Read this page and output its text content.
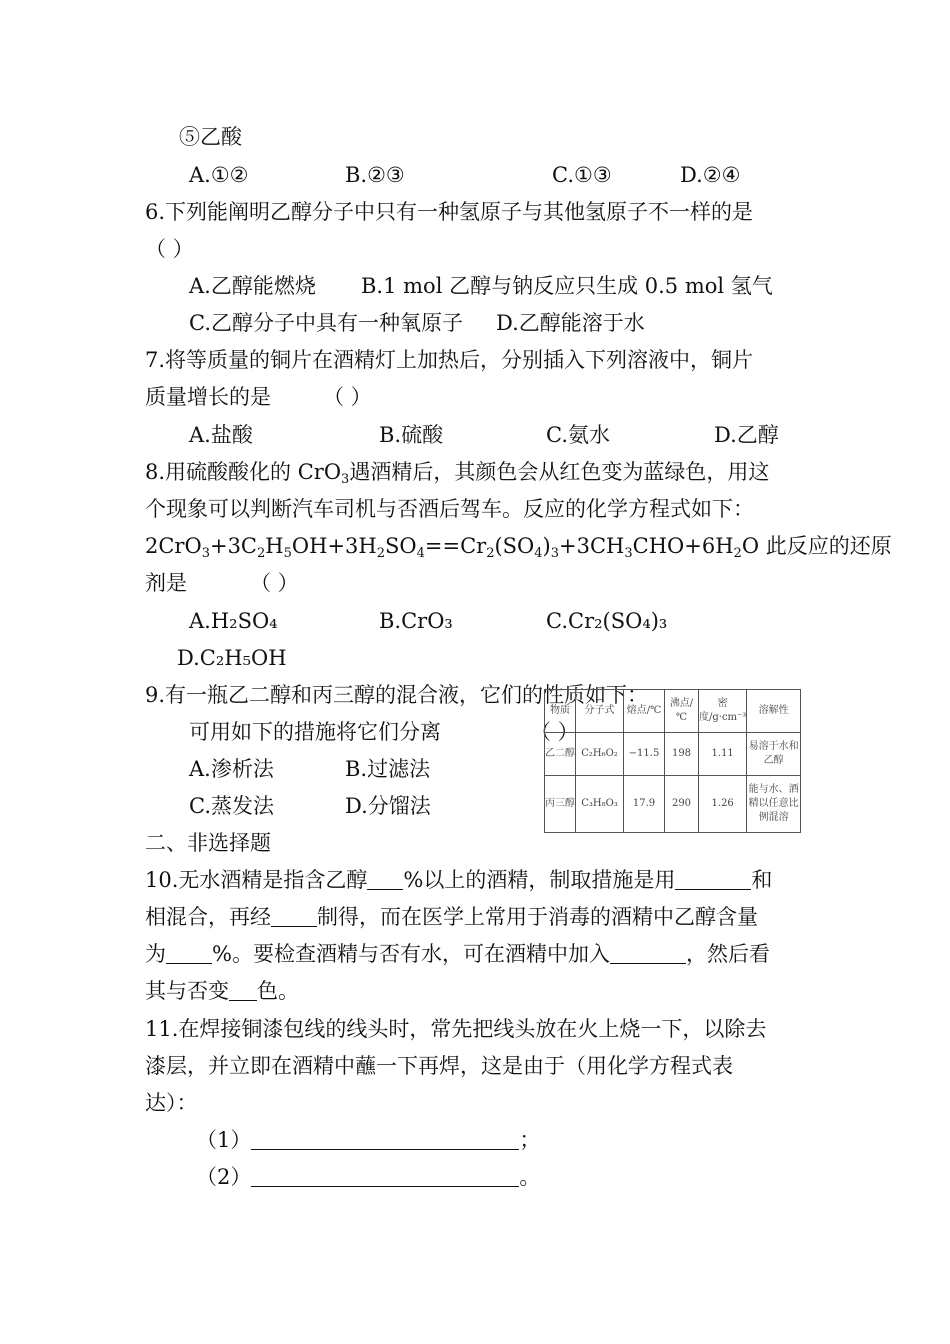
⑤乙酸
A.①②	B.②③	C.①③	D.②④
6.下列能阐明乙醇分子中只有一种氢原子与其他氢原子不一样的是
（ ）
A.乙醇能燃烧 B.1 mol 乙醇与钠反应只生成 0.5 mol 氢气
C.乙醇分子中具有一种氧原子 D.乙醇能溶于水
7.将等质量的铜片在酒精灯上加热后，分别插入下列溶液中，铜片
质量增长的是 （ ）
A.盐酸	B.硫酸	C.氨水	D.乙醇
8.用硫酸酸化的 CrO$_3$遇酒精后，其颜色会从红色变为蓝绿色，用这
个现象可以判断汽车司机与否酒后驾车。反应的化学方程式如下：
$2CrO_3+3C_2H_5OH+3H_2SO_4==Cr_2(SO_4)_3+3CH_3CHO+6H_2O$ 此反应的还原
剂是	（ ）
A.H₂SO₄	B.CrO₃	C.Cr₂(SO₄)₃
D.C₂H₅OH
9.有一瓶乙二醇和丙三醇的混合液，它们的性质如下：
可用如下的措施将它们分离	（ ）
A.渗析法	B.过滤法
C.蒸发法	D.分馏法
物质	分子式	熔点/℃	沸点/℃	密度/g·cm⁻³	溶解性
乙二醇	C₂H₆O₂	−11.5	198	1.11	易溶于水和乙醇
丙三醇	C₃H₈O₃	17.9	290	1.26	能与水、酒精以任意比例混溶
二、非选择题
10.无水酒精是指含乙醇 %以上的酒精，制取措施是用	和
相混合，再经 制得，而在医学上常用于消毒的酒精中乙醇含量
为 %。要检查酒精与否有水，可在酒精中加入	，然后看
其与否变 色。
11.在焊接铜漆包线的线头时，常先把线头放在火上烧一下，以除去
漆层，并立即在酒精中蘸一下再焊，这是由于（用化学方程式表
达）：
（1）	；
（2）	。
